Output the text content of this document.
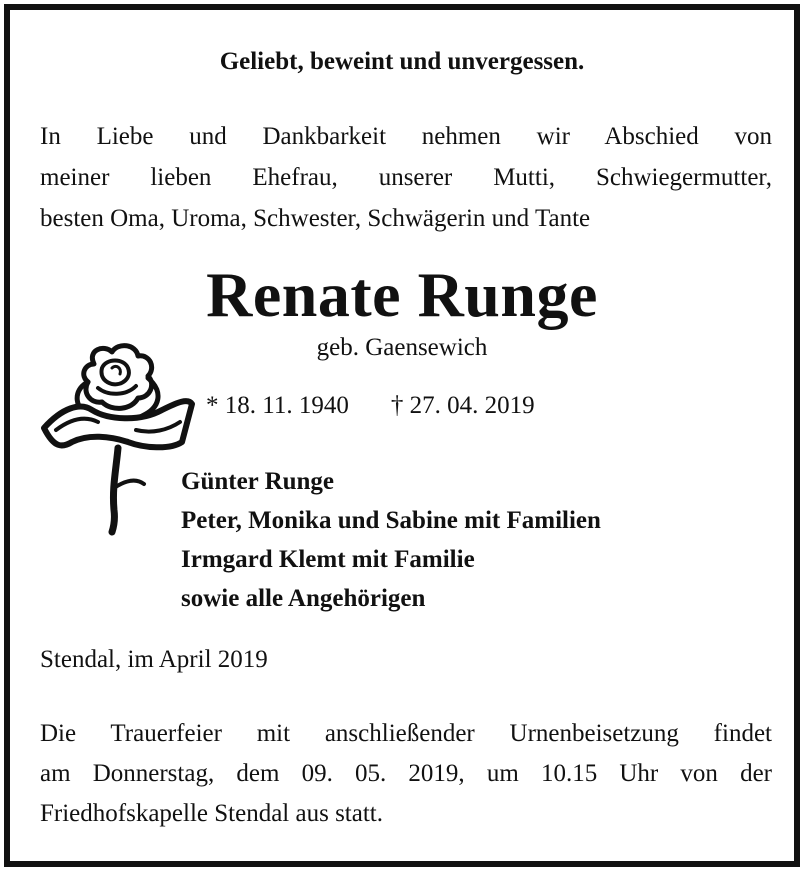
Geliebt, beweint und unvergessen.
In Liebe und Dankbarkeit nehmen wir Abschied von
meiner lieben Ehefrau, unserer Mutti, Schwiegermutter,
besten Oma, Uroma, Schwester, Schwägerin und Tante
Renate Runge
geb. Gaensewich
* 18. 11. 1940 † 27. 04. 2019
Günter Runge
Peter, Monika und Sabine mit Familien
Irmgard Klemt mit Familie
sowie alle Angehörigen
Stendal, im April 2019
Die Trauerfeier mit anschließender Urnenbeisetzung findet
am Donnerstag, dem 09. 05. 2019, um 10.15 Uhr von der
Friedhofskapelle Stendal aus statt.
